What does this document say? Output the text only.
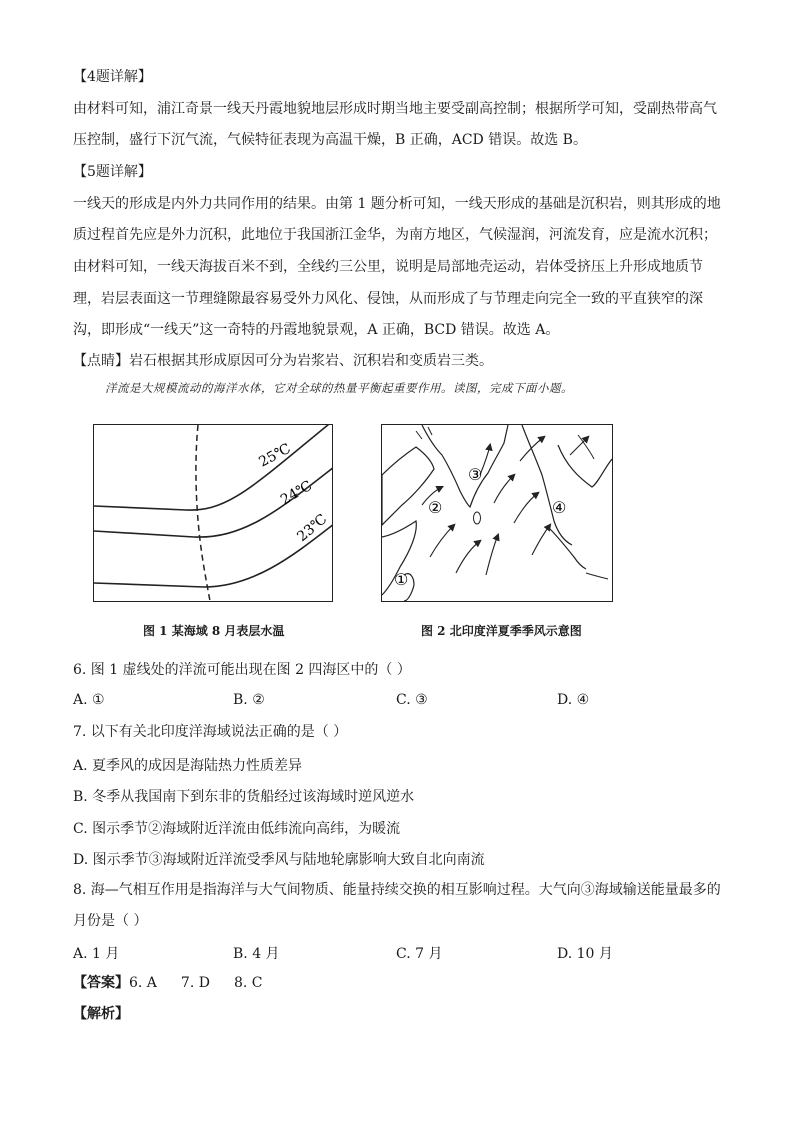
【4题详解】
由材料可知，浦江奇景一线天丹霞地貌地层形成时期当地主要受副高控制；根据所学可知，受副热带高气
压控制，盛行下沉气流，气候特征表现为高温干燥，B 正确，ACD 错误。故选 B。
【5题详解】
一线天的形成是内外力共同作用的结果。由第 1 题分析可知，一线天形成的基础是沉积岩，则其形成的地
质过程首先应是外力沉积，此地位于我国浙江金华，为南方地区，气候湿润，河流发育，应是流水沉积；
由材料可知，一线天海拔百米不到，全线约三公里，说明是局部地壳运动，岩体受挤压上升形成地质节
理，岩层表面这一节理缝隙最容易受外力风化、侵蚀，从而形成了与节理走向完全一致的平直狭窄的深
沟，即形成“一线天”这一奇特的丹霞地貌景观，A 正确，BCD 错误。故选 A。
【点睛】岩石根据其形成原因可分为岩浆岩、沉积岩和变质岩三类。
洋流是大规模流动的海洋水体，它对全球的热量平衡起重要作用。读图，完成下面小题。
25℃
24℃
23℃
③
②	④
①
图 1 某海域 8 月表层水温	图 2 北印度洋夏季季风示意图
6. 图 1 虚线处的洋流可能出现在图 2 四海区中的（ ）
A. ①	B. ②	C. ③	D. ④
7. 以下有关北印度洋海域说法正确的是（ ）
A. 夏季风的成因是海陆热力性质差异
B. 冬季从我国南下到东非的货船经过该海域时逆风逆水
C. 图示季节②海域附近洋流由低纬流向高纬，为暖流
D. 图示季节③海域附近洋流受季风与陆地轮廓影响大致自北向南流
8. 海—气相互作用是指海洋与大气间物质、能量持续交换的相互影响过程。大气向③海域输送能量最多的
月份是（ ）
A. 1 月	B. 4 月	C. 7 月	D. 10 月
【答案】6. A 7. D 8. C
【解析】
